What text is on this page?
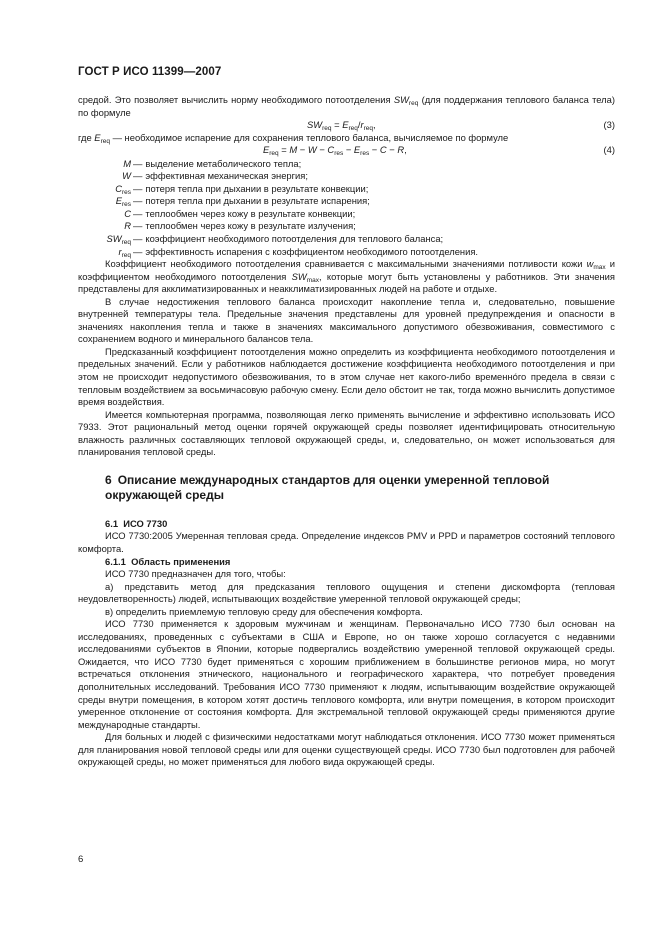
ГОСТ Р ИСО 11399—2007

средой. Это позволяет вычислить норму необходимого потоотделения $SW_{req}$ (для поддержания теплового баланса тела) по формуле

$SW_{req} = E_{req}/r_{req}$,	(3)
где $E_{req}$ — необходимое испарение для сохранения теплового баланса, вычисляемое по формуле
$E_{req} = M - W - C_{res} - E_{res} - C - R$,	(4)
M — выделение метаболического тепла;
W — эффективная механическая энергия;
$C_{res}$ — потеря тепла при дыхании в результате конвекции;
$E_{res}$ — потеря тепла при дыхании в результате испарения;
C — теплообмен через кожу в результате конвекции;
R — теплообмен через кожу в результате излучения;
$SW_{req}$ — коэффициент необходимого потоотделения для теплового баланса;
$r_{req}$ — эффективность испарения с коэффициентом необходимого потоотделения.

Коэффициент необходимого потоотделения сравнивается с максимальными значениями потливости кожи $w_{max}$ и коэффициентом необходимого потоотделения $SW_{max}$, которые могут быть установлены у работников. Эти значения представлены для акклиматизированных и неакклиматизированных людей на работе и отдыхе.

В случае недостижения теплового баланса происходит накопление тепла и, следовательно, повышение внутренней температуры тела. Предельные значения представлены для уровней предупреждения и опасности в значениях накопления тепла и также в значениях максимального допустимого обезвоживания, совместимого с сохранением водного и минерального балансов тела.

Предсказанный коэффициент потоотделения можно определить из коэффициента необходимого потоотделения и предельных значений. Если у работников наблюдается достижение коэффициента необходимого потоотделения и при этом не происходит недопустимого обезвоживания, то в этом случае нет какого-либо временнóго предела в связи с тепловым воздействием за восьмичасовую рабочую смену. Если дело обстоит не так, тогда можно вычислить допустимое время воздействия.

Имеется компьютерная программа, позволяющая легко применять вычисление и эффективно использовать ИСО 7933. Этот рациональный метод оценки горячей окружающей среды позволяет идентифицировать относительную влажность различных составляющих тепловой окружающей среды, и, следовательно, он может использоваться для планирования тепловой среды.

6 Описание международных стандартов для оценки умеренной тепловой окружающей среды
6.1 ИСО 7730

ИСО 7730:2005 Умеренная тепловая среда. Определение индексов PMV и PPD и параметров состояний теплового комфорта.

6.1.1 Область применения

ИСО 7730 предназначен для того, чтобы:

а) представить метод для предсказания теплового ощущения и степени дискомфорта (тепловая неудовлетворенность) людей, испытывающих воздействие умеренной тепловой окружающей среды;

в) определить приемлемую тепловую среду для обеспечения комфорта.

ИСО 7730 применяется к здоровым мужчинам и женщинам. Первоначально ИСО 7730 был основан на исследованиях, проведенных с субъектами в США и Европе, но он также хорошо согласуется с недавними исследованиями субъектов в Японии, которые подвергались воздействию умеренной тепловой окружающей среды. Ожидается, что ИСО 7730 будет применяться с хорошим приближением в большинстве регионов мира, но могут встречаться отклонения этнического, национального и географического характера, что потребует проведения дополнительных исследований. Требования ИСО 7730 применяют к людям, испытывающим воздействие окружающей среды внутри помещения, в котором хотят достичь теплового комфорта, или внутри помещения, в котором происходит умеренное отклонение от состояния комфорта. Для экстремальной тепловой окружающей среды применяются другие международные стандарты.

Для больных и людей с физическими недостатками могут наблюдаться отклонения. ИСО 7730 может применяться для планирования новой тепловой среды или для оценки существующей среды. ИСО 7730 был подготовлен для рабочей окружающей среды, но может применяться для любого вида окружающей среды.

6
